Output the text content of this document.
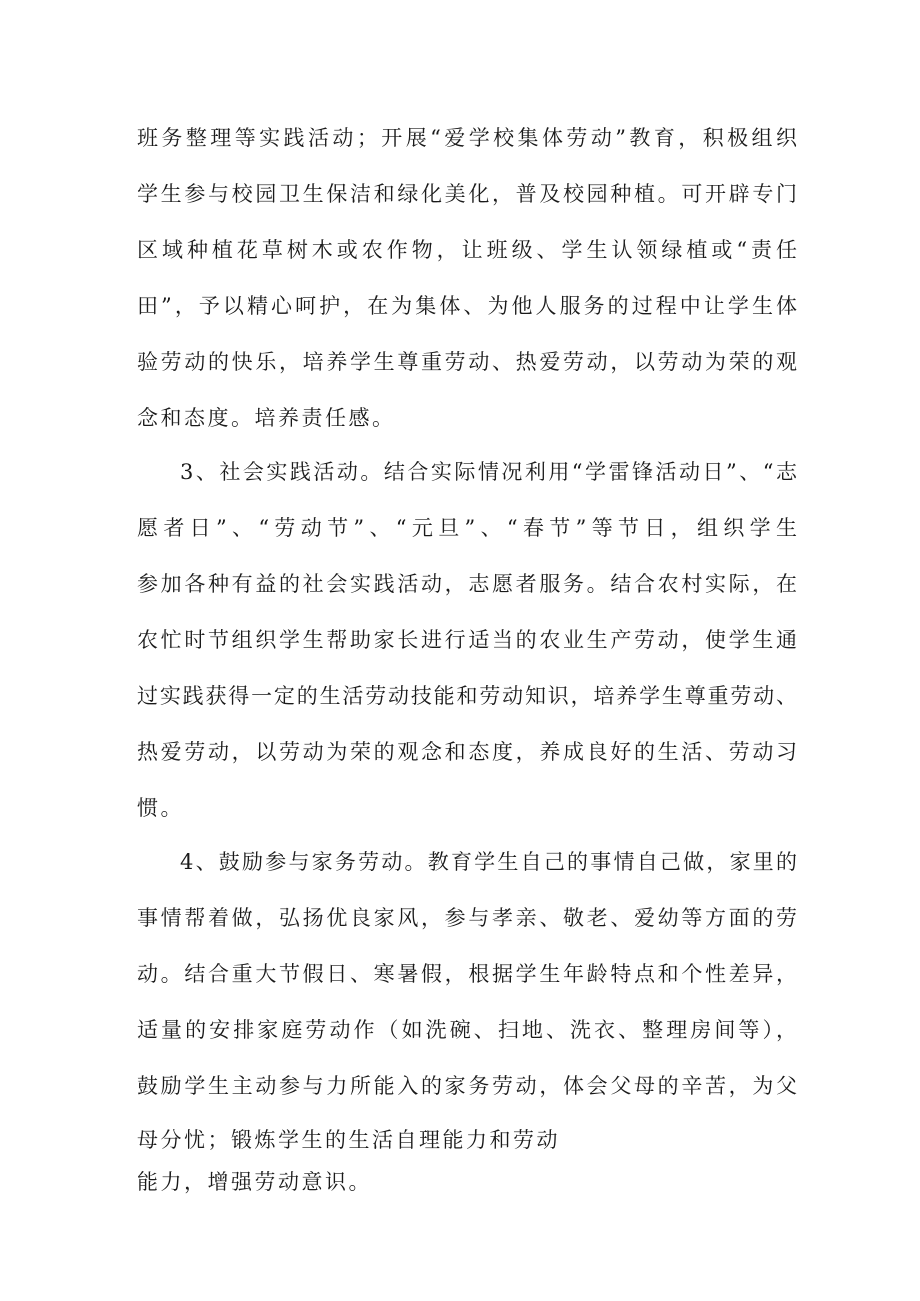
班务整理等实践活动；开展“爱学校集体劳动”教育，积极组织
学生参与校园卫生保洁和绿化美化，普及校园种植。可开辟专门
区域种植花草树木或农作物，让班级、学生认领绿植或“责任
田”，予以精心呵护，在为集体、为他人服务的过程中让学生体
验劳动的快乐，培养学生尊重劳动、热爱劳动，以劳动为荣的观
念和态度。培养责任感。
3、社会实践活动。结合实际情况利用“学雷锋活动日”、“志
愿者日”、“劳动节”、“元旦”、“春节”等节日，组织学生
参加各种有益的社会实践活动，志愿者服务。结合农村实际，在
农忙时节组织学生帮助家长进行适当的农业生产劳动，使学生通
过实践获得一定的生活劳动技能和劳动知识，培养学生尊重劳动、
热爱劳动，以劳动为荣的观念和态度，养成良好的生活、劳动习
惯。
4、鼓励参与家务劳动。教育学生自己的事情自己做，家里的
事情帮着做，弘扬优良家风，参与孝亲、敬老、爱幼等方面的劳
动。结合重大节假日、寒暑假，根据学生年龄特点和个性差异，
适量的安排家庭劳动作（如洗碗、扫地、洗衣、整理房间等），
鼓励学生主动参与力所能入的家务劳动，体会父母的辛苦，为父
母分忧；锻炼学生的生活自理能力和劳动
能力，增强劳动意识。
